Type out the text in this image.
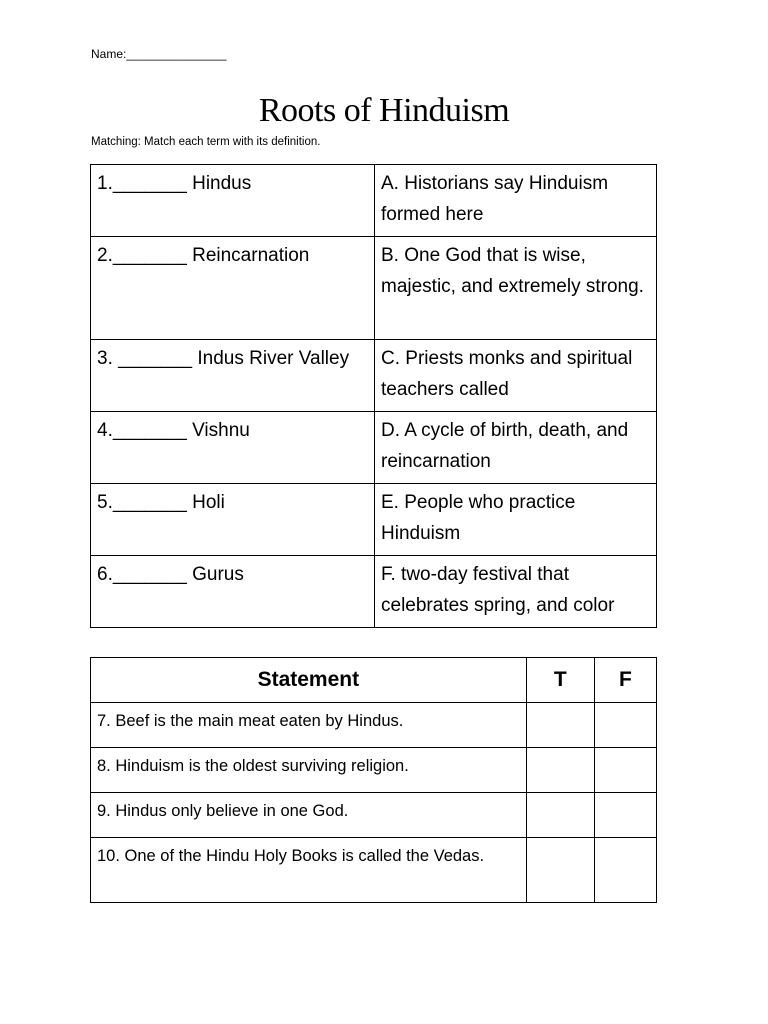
Name:_______________
Roots of Hinduism
Matching: Match each term with its definition.
1._______ Hindus	A. Historians say Hinduism formed here
2._______ Reincarnation	B. One God that is wise, majestic, and extremely strong.
3. _______ Indus River Valley	C. Priests monks and spiritual teachers called
4._______ Vishnu	D. A cycle of birth, death, and reincarnation
5._______ Holi	E. People who practice Hinduism
6._______ Gurus	F. two-day festival that celebrates spring, and color
Statement	T	F
7. Beef is the main meat eaten by Hindus.		
8. Hinduism is the oldest surviving religion.		
9. Hindus only believe in one God.		
10. One of the Hindu Holy Books is called the Vedas.		
